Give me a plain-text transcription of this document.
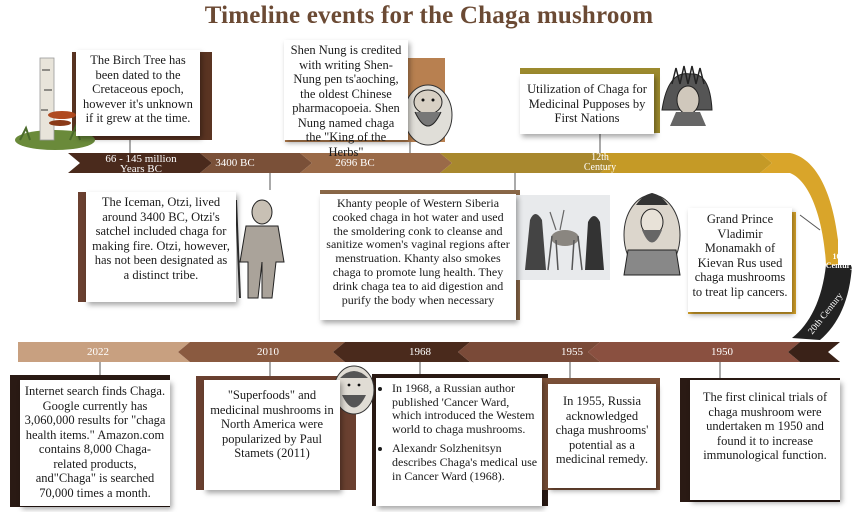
Timeline events for the Chaga mushroom
The Birch Tree has been dated to the Cretaceous epoch, however it's unknown if it grew at the time.
66 - 145 million
Years BC
Shen Nung is credited with writing Shen-Nung pen ts'aoching, the oldest Chinese pharmacopoeia. Shen Nung named chaga the "King of the Herbs"
2696 BC
Utilization of Chaga for Medicinal Pupposes by First Nations
12th
Century
3400 BC
The Iceman, Otzi, lived around 3400 BC, Otzi's satchel included chaga for making fire. Otzi, however, has not been designated as a distinct tribe.
Khanty people of Western Siberia cooked chaga in hot water and used the smoldering conk to cleanse and sanitize women's vaginal regions after menstruation. Khanty also smokes chaga to promote lung health. They drink chaga tea to aid digestion and purify the body when necessary
Grand Prince Vladimir Monamakh of Kievan Rus used chaga mushrooms to treat lip cancers.
16th
Century
20th Century
2022	2010	1968	1955	1950
Internet search finds Chaga. Google currently has 3,060,000 results for "chaga health items." Amazon.com contains 8,000 Chaga-related products, and"Chaga" is searched 70,000 times a month.
"Superfoods" and medicinal mushrooms in North America were popularized by Paul Stamets (2011)
• In 1968, a Russian author published 'Cancer Ward, which introduced the Westem world to chaga mushrooms.
• Alexandr Solzhenitsyn describes Chaga's medical use in Cancer Ward (1968).
In 1955, Russia acknowledged chaga mushrooms' potential as a medicinal remedy.
The first clinical trials of chaga mushroom were undertaken m 1950 and found it to increase immunological function.
